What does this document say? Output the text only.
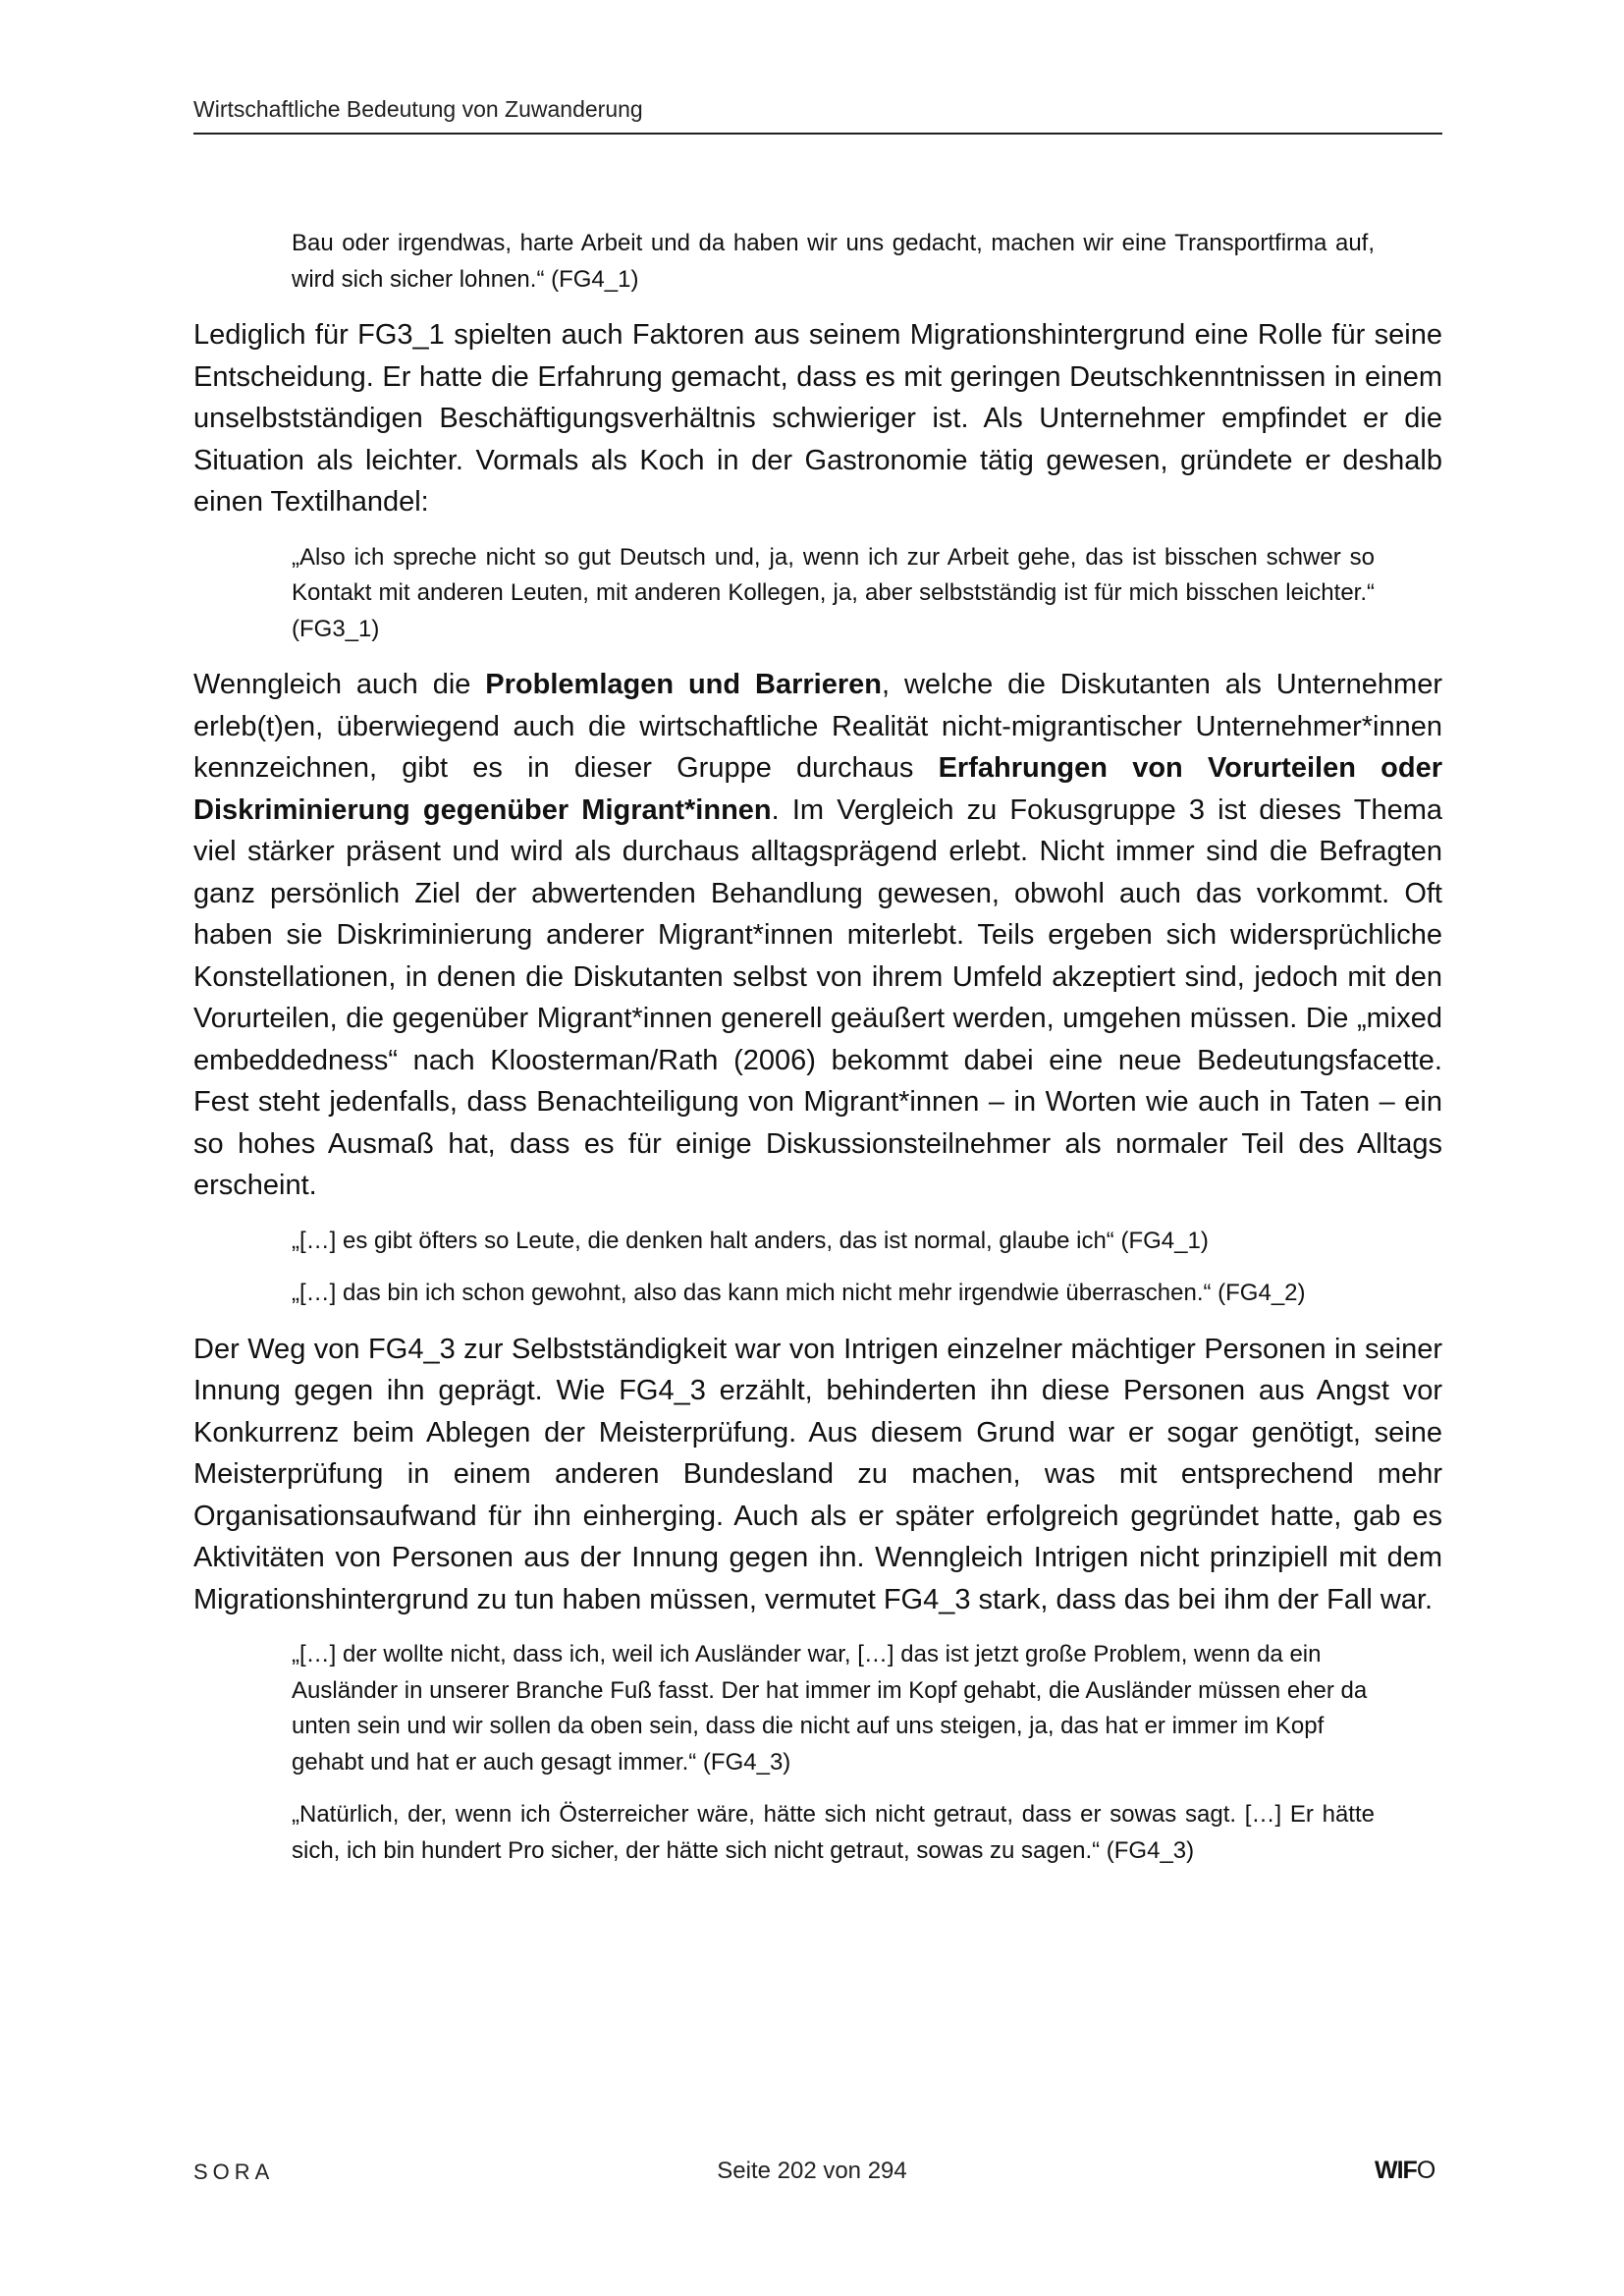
Wirtschaftliche Bedeutung von Zuwanderung

Bau oder irgendwas, harte Arbeit und da haben wir uns gedacht, machen wir eine Transportfirma auf, wird sich sicher lohnen.“ (FG4_1)

Lediglich für FG3_1 spielten auch Faktoren aus seinem Migrationshintergrund eine Rolle für seine Entscheidung. Er hatte die Erfahrung gemacht, dass es mit geringen Deutschkenntnissen in einem unselbstständigen Beschäftigungsverhältnis schwieriger ist. Als Unternehmer empfindet er die Situation als leichter. Vormals als Koch in der Gastronomie tätig gewesen, gründete er deshalb einen Textilhandel:

„Also ich spreche nicht so gut Deutsch und, ja, wenn ich zur Arbeit gehe, das ist bisschen schwer so Kontakt mit anderen Leuten, mit anderen Kollegen, ja, aber selbstständig ist für mich bisschen leichter.“ (FG3_1)

Wenngleich auch die Problemlagen und Barrieren, welche die Diskutanten als Unternehmer erleb(t)en, überwiegend auch die wirtschaftliche Realität nicht-migrantischer Unternehmer*innen kennzeichnen, gibt es in dieser Gruppe durchaus Erfahrungen von Vorurteilen oder Diskriminierung gegenüber Migrant*innen. Im Vergleich zu Fokusgruppe 3 ist dieses Thema viel stärker präsent und wird als durchaus alltagsprägend erlebt. Nicht immer sind die Befragten ganz persönlich Ziel der abwertenden Behandlung gewesen, obwohl auch das vorkommt. Oft haben sie Diskriminierung anderer Migrant*innen miterlebt. Teils ergeben sich widersprüchliche Konstellationen, in denen die Diskutanten selbst von ihrem Umfeld akzeptiert sind, jedoch mit den Vorurteilen, die gegenüber Migrant*innen generell geäußert werden, umgehen müssen. Die „mixed embeddedness“ nach Kloosterman/Rath (2006) bekommt dabei eine neue Bedeutungsfacette. Fest steht jedenfalls, dass Benachteiligung von Migrant*innen – in Worten wie auch in Taten – ein so hohes Ausmaß hat, dass es für einige Diskussionsteilnehmer als normaler Teil des Alltags erscheint.

„[…] es gibt öfters so Leute, die denken halt anders, das ist normal, glaube ich“ (FG4_1)

„[…] das bin ich schon gewohnt, also das kann mich nicht mehr irgendwie überraschen.“ (FG4_2)

Der Weg von FG4_3 zur Selbstständigkeit war von Intrigen einzelner mächtiger Personen in seiner Innung gegen ihn geprägt. Wie FG4_3 erzählt, behinderten ihn diese Personen aus Angst vor Konkurrenz beim Ablegen der Meisterprüfung. Aus diesem Grund war er sogar genötigt, seine Meisterprüfung in einem anderen Bundesland zu machen, was mit entsprechend mehr Organisationsaufwand für ihn einherging. Auch als er später erfolgreich gegründet hatte, gab es Aktivitäten von Personen aus der Innung gegen ihn. Wenngleich Intrigen nicht prinzipiell mit dem Migrationshintergrund zu tun haben müssen, vermutet FG4_3 stark, dass das bei ihm der Fall war.

„[…] der wollte nicht, dass ich, weil ich Ausländer war, […] das ist jetzt große Problem, wenn da ein Ausländer in unserer Branche Fuß fasst. Der hat immer im Kopf gehabt, die Ausländer müssen eher da unten sein und wir sollen da oben sein, dass die nicht auf uns steigen, ja, das hat er immer im Kopf gehabt und hat er auch gesagt immer.“ (FG4_3)

„Natürlich, der, wenn ich Österreicher wäre, hätte sich nicht getraut, dass er sowas sagt. […] Er hätte sich, ich bin hundert Pro sicher, der hätte sich nicht getraut, sowas zu sagen.“ (FG4_3)

SORA	Seite 202 von 294	WIFO
